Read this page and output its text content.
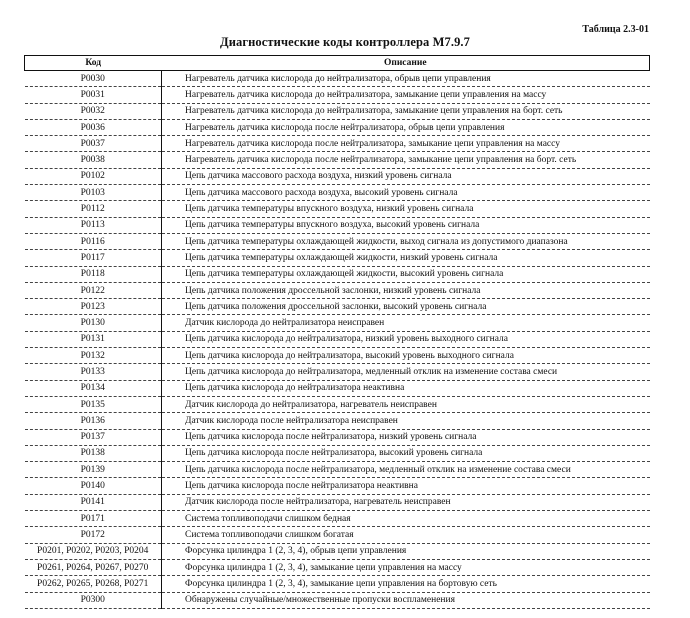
Таблица 2.3-01
Диагностические коды контроллера M7.9.7
Код	Описание
P0030	Нагреватель датчика кислорода до нейтрализатора, обрыв цепи управления
P0031	Нагреватель датчика кислорода до нейтрализатора, замыкание цепи управления на массу
P0032	Нагреватель датчика кислорода до нейтрализатора, замыкание цепи управления на борт. сеть
P0036	Нагреватель датчика кислорода после нейтрализатора, обрыв цепи управления
P0037	Нагреватель датчика кислорода после нейтрализатора, замыкание цепи управления на массу
P0038	Нагреватель датчика кислорода после нейтрализатора, замыкание цепи управления на борт. сеть
P0102	Цепь датчика массового расхода воздуха, низкий уровень сигнала
P0103	Цепь датчика массового расхода воздуха, высокий уровень сигнала
P0112	Цепь датчика температуры впускного воздуха, низкий уровень сигнала
P0113	Цепь датчика температуры впускного воздуха, высокий уровень сигнала
P0116	Цепь датчика температуры охлаждающей жидкости, выход сигнала из допустимого диапазона
P0117	Цепь датчика температуры охлаждающей жидкости, низкий уровень сигнала
P0118	Цепь датчика температуры охлаждающей жидкости, высокий уровень сигнала
P0122	Цепь датчика положения дроссельной заслонки, низкий уровень сигнала
P0123	Цепь датчика положения дроссельной заслонки, высокий уровень сигнала
P0130	Датчик кислорода до нейтрализатора неисправен
P0131	Цепь датчика кислорода до нейтрализатора, низкий уровень выходного сигнала
P0132	Цепь датчика кислорода до нейтрализатора, высокий уровень выходного сигнала
P0133	Цепь датчика кислорода до нейтрализатора, медленный отклик на изменение состава смеси
P0134	Цепь датчика кислорода до нейтрализатора неактивна
P0135	Датчик кислорода до нейтрализатора, нагреватель неисправен
P0136	Датчик кислорода после нейтрализатора неисправен
P0137	Цепь датчика кислорода после нейтрализатора, низкий уровень сигнала
P0138	Цепь датчика кислорода после нейтрализатора, высокий уровень сигнала
P0139	Цепь датчика кислорода после нейтрализатора, медленный отклик на изменение состава смеси
P0140	Цепь датчика кислорода после нейтрализатора неактивна
P0141	Датчик кислорода после нейтрализатора, нагреватель неисправен
P0171	Система топливоподачи слишком бедная
P0172	Система топливоподачи слишком богатая
P0201, P0202, P0203, P0204	Форсунка цилиндра 1 (2, 3, 4), обрыв цепи управления
P0261, P0264, P0267, P0270	Форсунка цилиндра 1 (2, 3, 4), замыкание цепи управления на массу
P0262, P0265, P0268, P0271	Форсунка цилиндра 1 (2, 3, 4), замыкание цепи управления на бортовую сеть
P0300	Обнаружены случайные/множественные пропуски воспламенения
